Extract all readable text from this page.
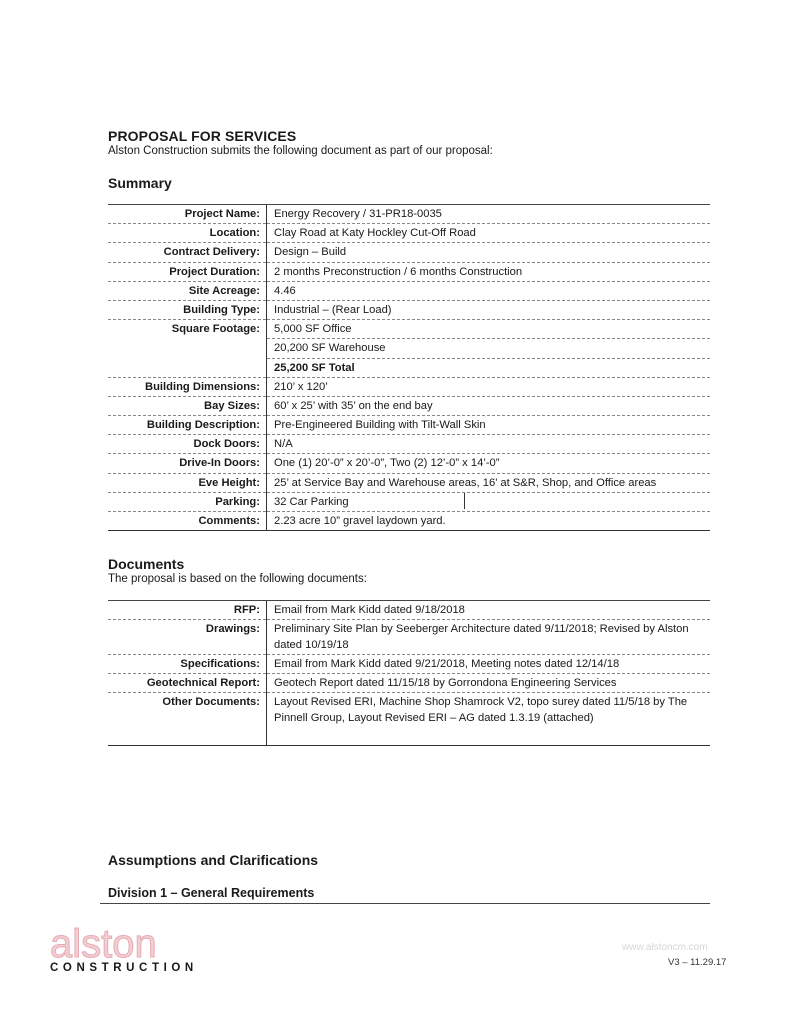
PROPOSAL FOR SERVICES
Alston Construction submits the following document as part of our proposal:
Summary
Project Name:	Energy Recovery / 31-PR18-0035
Location:	Clay Road at Katy Hockley Cut-Off Road
Contract Delivery:	Design – Build
Project Duration:	2 months Preconstruction / 6 months Construction
Site Acreage:	4.46
Building Type:	Industrial – (Rear Load)
Square Footage:	5,000 SF Office
	20,200 SF Warehouse
	25,200 SF Total
Building Dimensions:	210’ x 120’
Bay Sizes:	60’ x 25’ with 35’ on the end bay
Building Description:	Pre-Engineered Building with Tilt-Wall Skin
Dock Doors:	N/A
Drive-In Doors:	One (1) 20’-0” x 20’-0”, Two (2) 12’-0” x 14’-0”
Eve Height:	25’ at Service Bay and Warehouse areas, 16’ at S&R, Shop, and Office areas
Parking:	32 Car Parking
Comments:	2.23 acre 10” gravel laydown yard.
Documents
The proposal is based on the following documents:
RFP:	Email from Mark Kidd dated 9/18/2018
Drawings:	Preliminary Site Plan by Seeberger Architecture dated 9/11/2018; Revised by Alston dated 10/19/18
Specifications:	Email from Mark Kidd dated 9/21/2018, Meeting notes dated 12/14/18
Geotechnical Report:	Geotech Report dated 11/15/18 by Gorrondona Engineering Services
Other Documents:	Layout Revised ERI, Machine Shop Shamrock V2, topo surey dated 11/5/18 by The Pinnell Group, Layout Revised ERI – AG dated 1.3.19 (attached)
Assumptions and Clarifications
Division 1 – General Requirements
alston
CONSTRUCTION
www.alstoncm.com
V3 – 11.29.17
